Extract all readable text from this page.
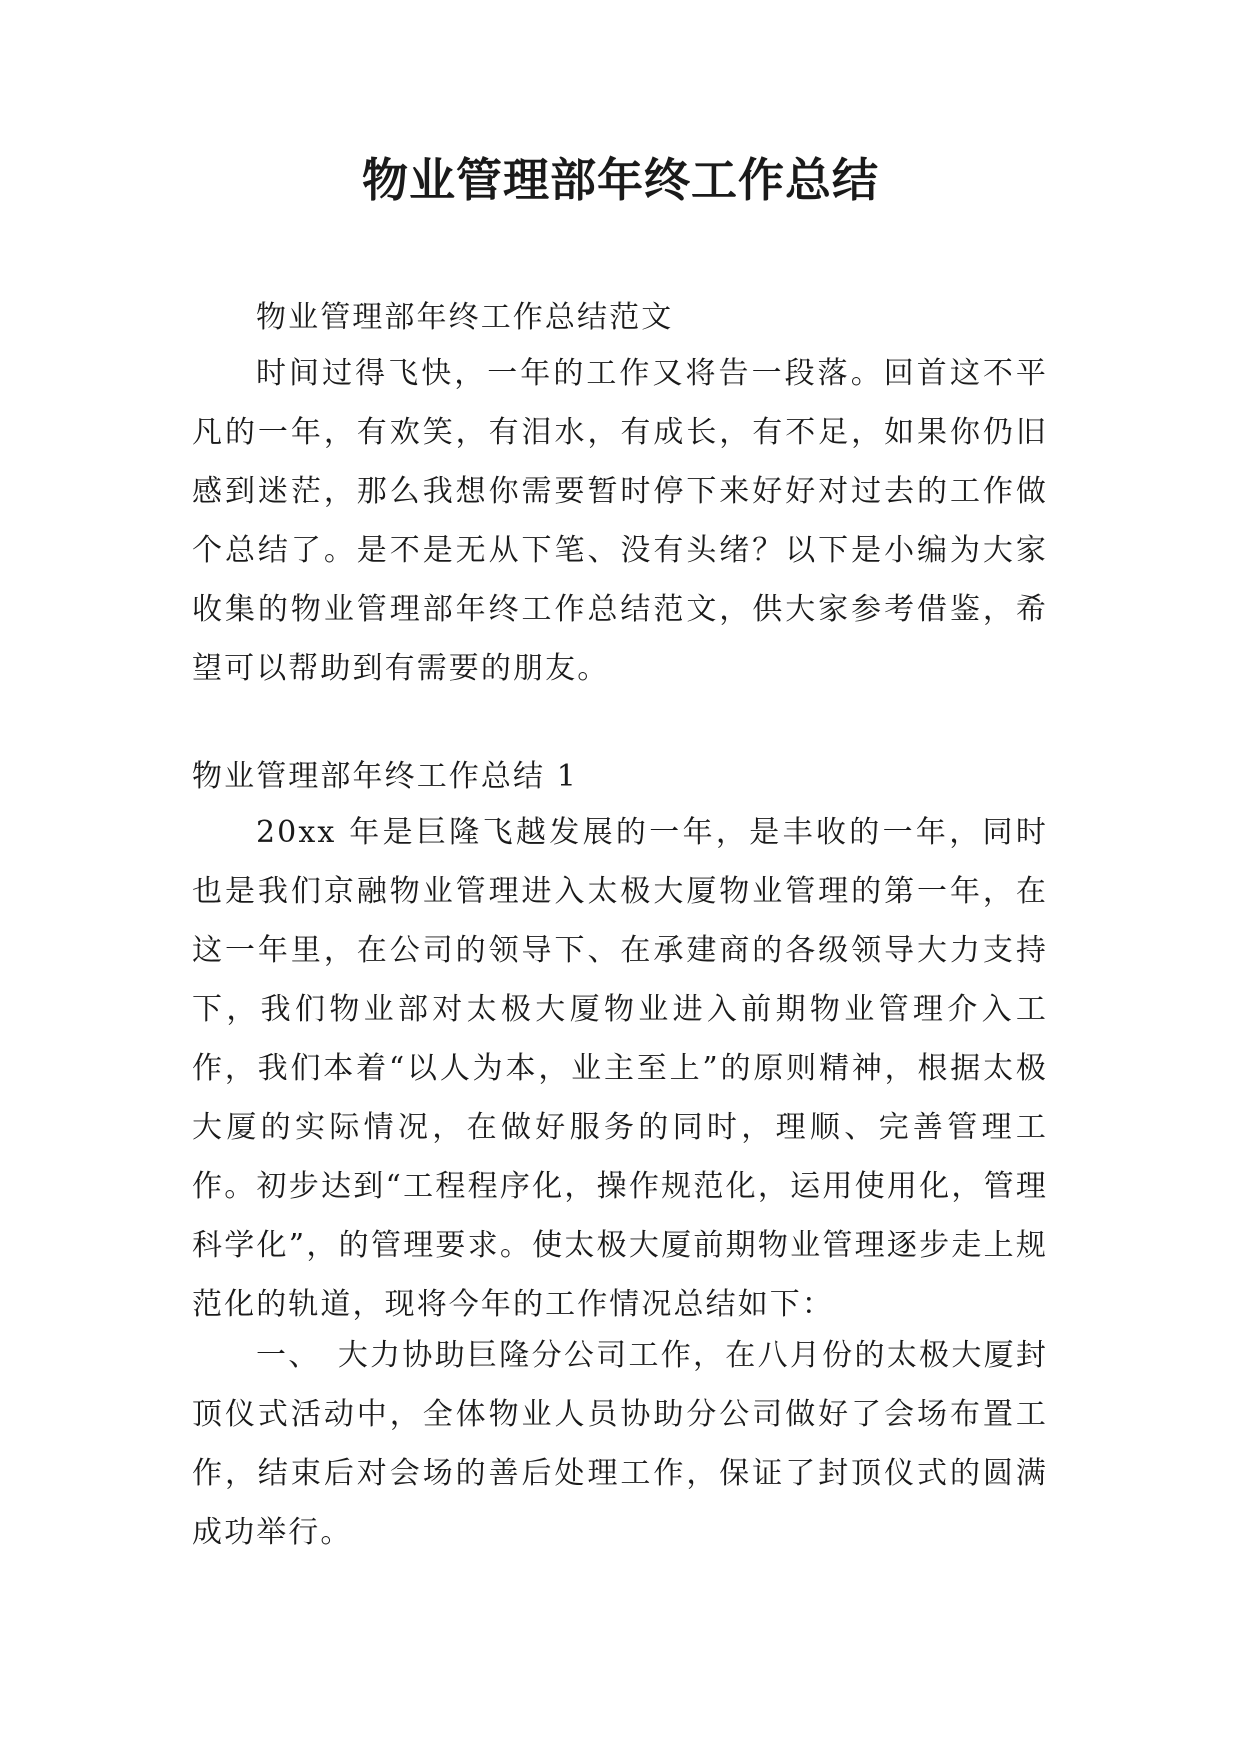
物业管理部年终工作总结

物业管理部年终工作总结范文

时间过得飞快，一年的工作又将告一段落。回首这不平凡的一年，有欢笑，有泪水，有成长，有不足，如果你仍旧感到迷茫，那么我想你需要暂时停下来好好对过去的工作做个总结了。是不是无从下笔、没有头绪？以下是小编为大家收集的物业管理部年终工作总结范文，供大家参考借鉴，希望可以帮助到有需要的朋友。

物业管理部年终工作总结 1

20xx 年是巨隆飞越发展的一年，是丰收的一年，同时也是我们京融物业管理进入太极大厦物业管理的第一年，在这一年里，在公司的领导下、在承建商的各级领导大力支持下，我们物业部对太极大厦物业进入前期物业管理介入工作，我们本着“以人为本，业主至上”的原则精神，根据太极大厦的实际情况，在做好服务的同时，理顺、完善管理工作。初步达到“工程程序化，操作规范化，运用使用化，管理科学化”，的管理要求。使太极大厦前期物业管理逐步走上规范化的轨道，现将今年的工作情况总结如下：

一、　大力协助巨隆分公司工作，在八月份的太极大厦封顶仪式活动中，全体物业人员协助分公司做好了会场布置工作，结束后对会场的善后处理工作，保证了封顶仪式的圆满成功举行。
